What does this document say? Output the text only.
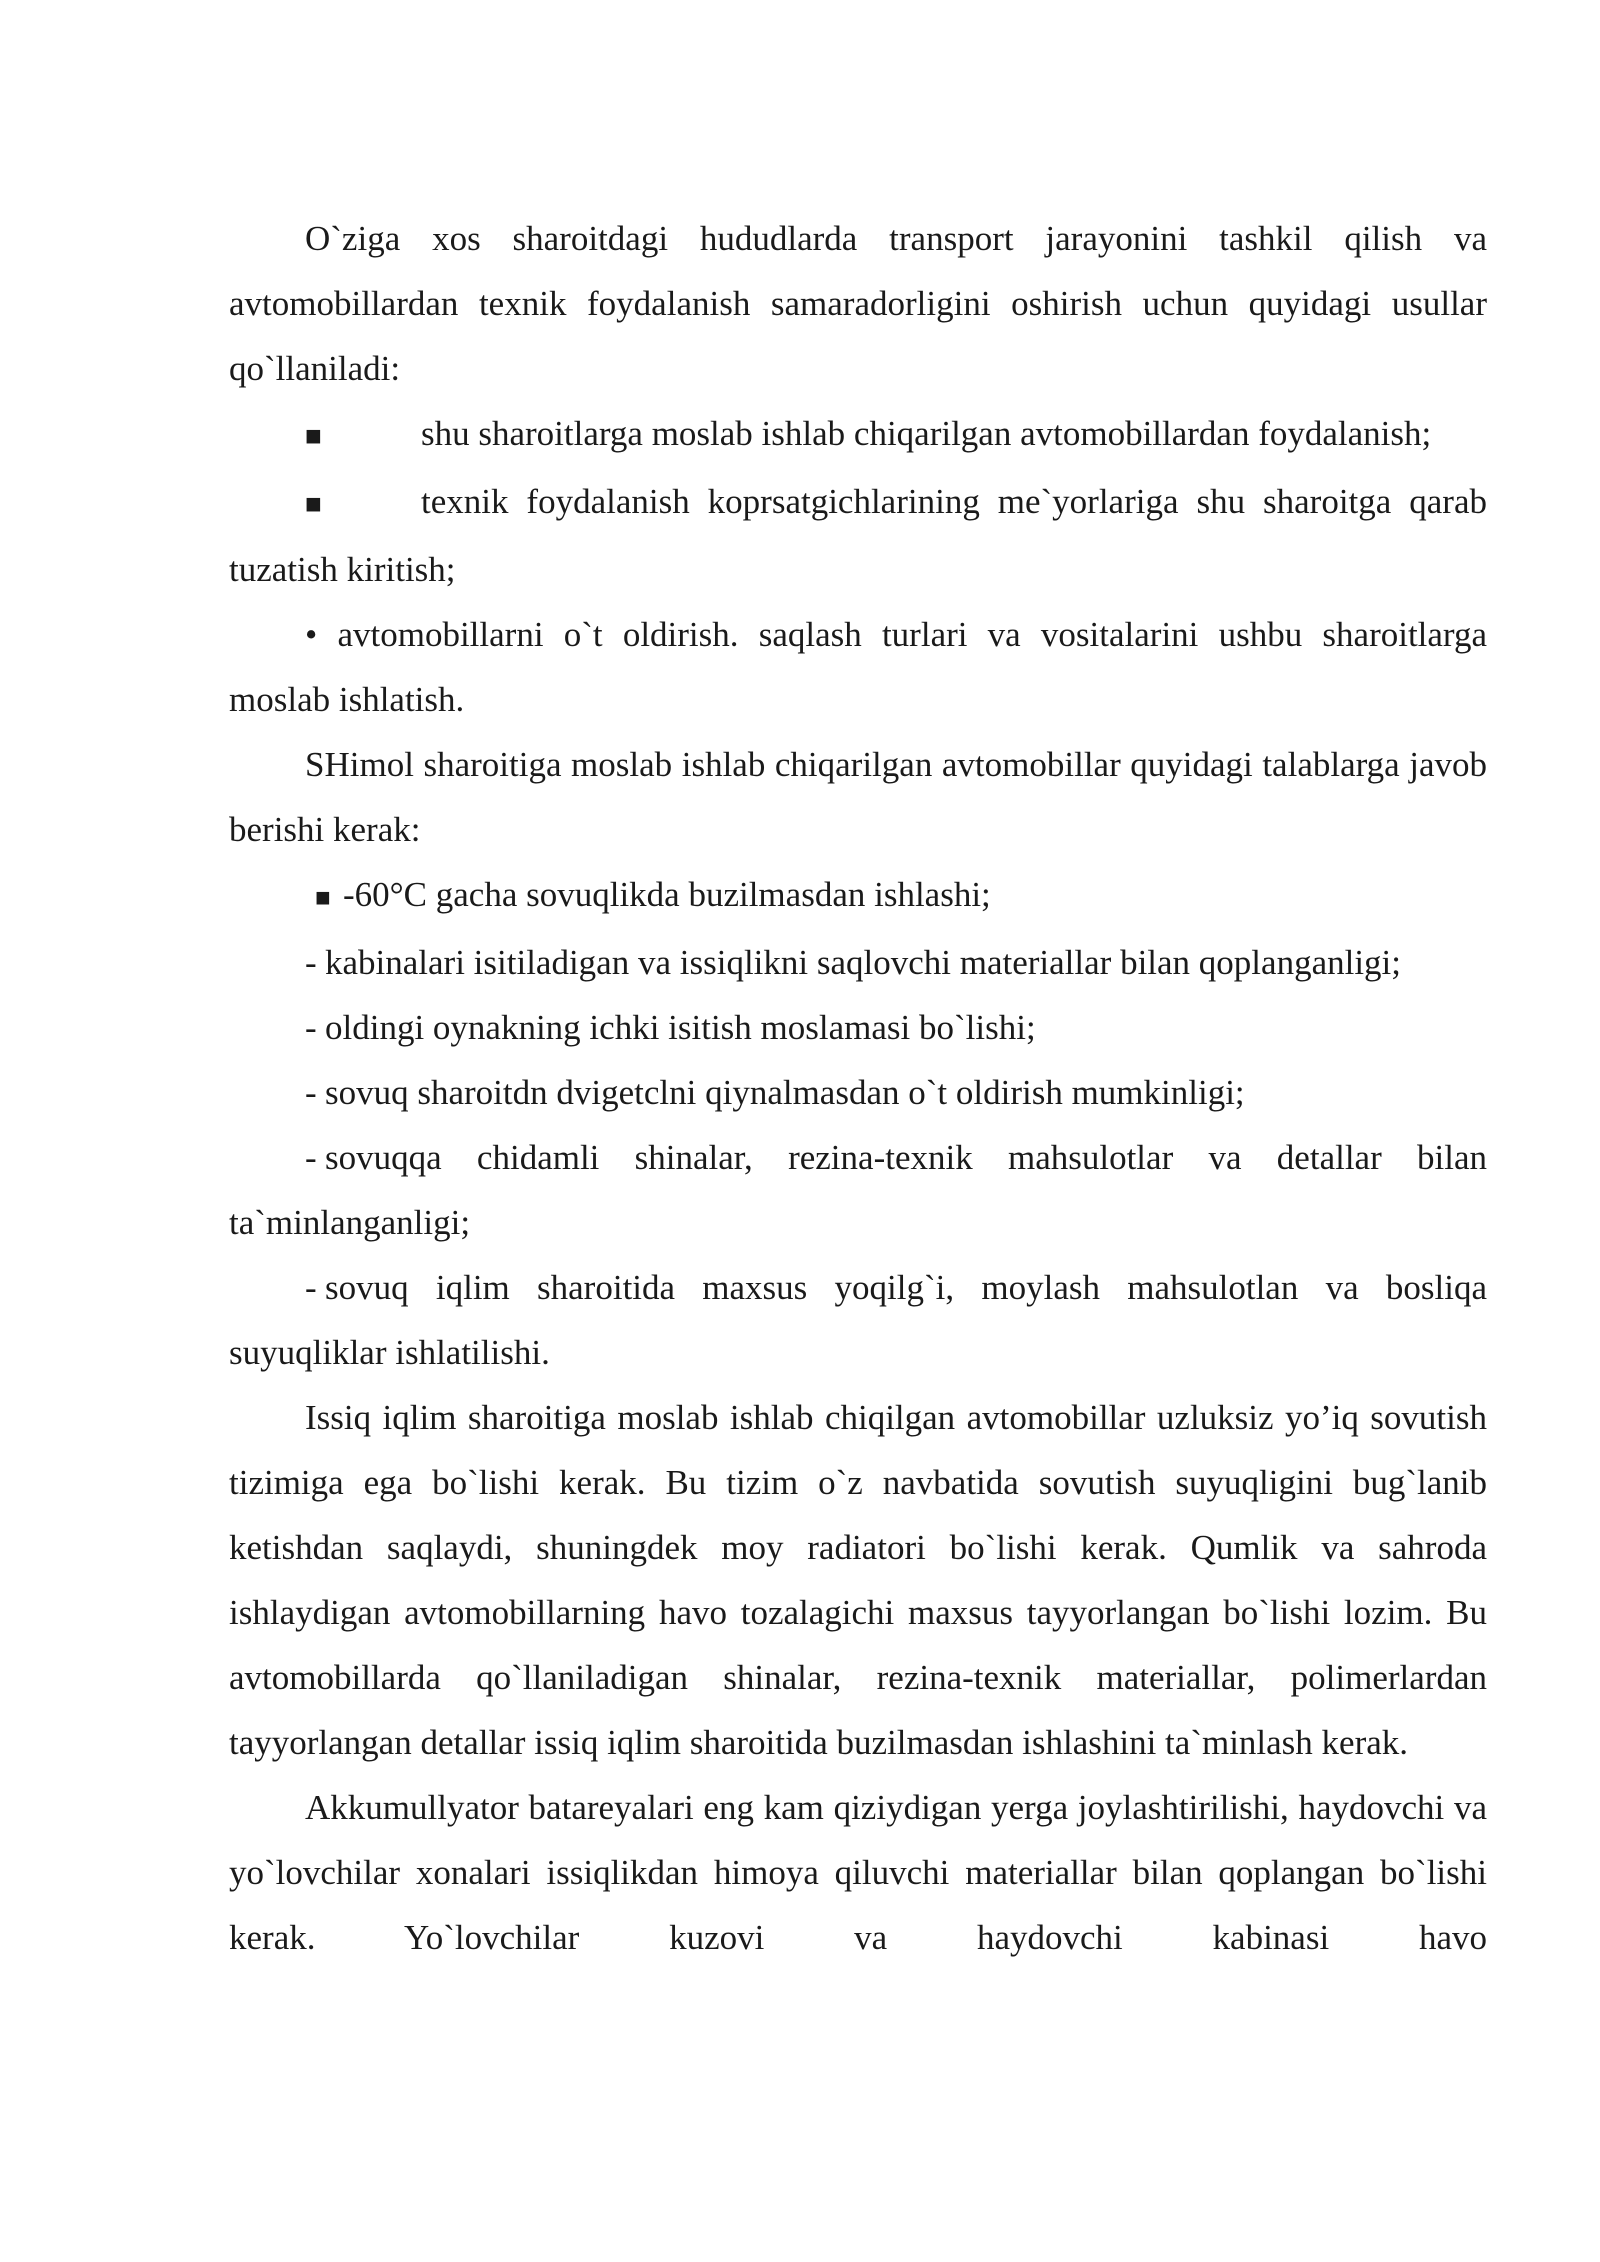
O`ziga xos sharoitdagi hududlarda transport jarayonini tashkil qilish va avtomobillardan texnik foydalanish samaradorligini oshirish uchun quyidagi usullar qo`llaniladi:

■	shu sharoitlarga moslab ishlab chiqarilgan avtomobillardan foydalanish;

■	texnik foydalanish koprsatgichlarining me`yorlariga shu sharoitga qarab tuzatish kiritish;

• avtomobillarni o`t oldirish. saqlash turlari va vositalarini ushbu sharoitlarga moslab ishlatish.

SHimol sharoitiga moslab ishlab chiqarilgan avtomobillar quyidagi talablarga javob berishi kerak:

■ -60°C gacha sovuqlikda buzilmasdan ishlashi;

- kabinalari isitiladigan va issiqlikni saqlovchi materiallar bilan qoplanganligi;

- oldingi oynakning ichki isitish moslamasi bo`lishi;

- sovuq sharoitdn dvigetclni qiynalmasdan o`t oldirish mumkinligi;

- sovuqqa chidamli shinalar, rezina-texnik mahsulotlar va detallar bilan ta`minlanganligi;

- sovuq iqlim sharoitida maxsus yoqilg`i, moylash mahsulotlan va bosliqa suyuqliklar ishlatilishi.

Issiq iqlim sharoitiga moslab ishlab chiqilgan avtomobillar uzluksiz yo’iq sovutish tizimiga ega bo`lishi kerak. Bu tizim o`z navbatida sovutish suyuqligini bug`lanib ketishdan saqlaydi, shuningdek moy radiatori bo`lishi kerak. Qumlik va sahroda ishlaydigan avtomobillarning havo tozalagichi maxsus tayyorlangan bo`lishi lozim. Bu avtomobillarda qo`llaniladigan shinalar, rezina-texnik materiallar, polimerlardan tayyorlangan detallar issiq iqlim sharoitida buzilmasdan ishlashini ta`minlash kerak.

Akkumullyator batareyalari eng kam qiziydigan yerga joylashtirilishi, haydovchi va yo`lovchilar xonalari issiqlikdan himoya qiluvchi materiallar bilan qoplangan bo`lishi kerak. Yo`lovchilar kuzovi va haydovchi kabinasi havo
